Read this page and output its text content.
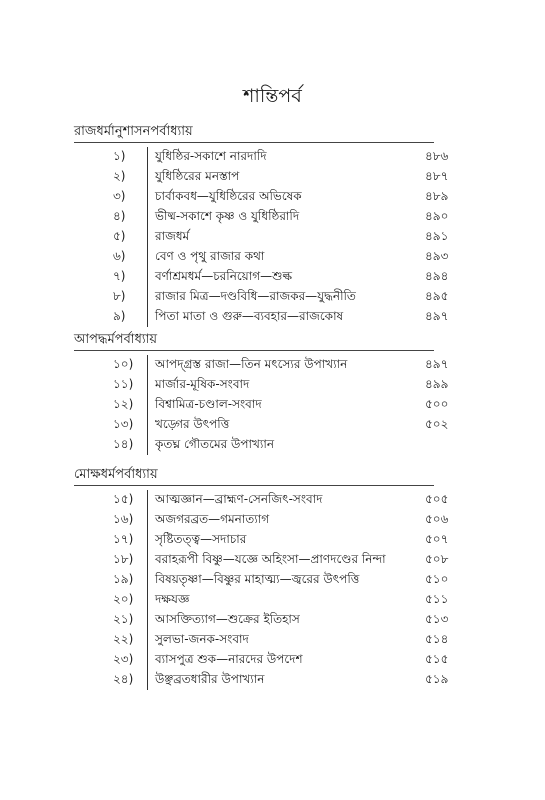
শান্তিপর্ব
রাজধর্মানুশাসনপর্বাধ্যায়
১) যুধিষ্ঠির-সকাশে নারদাদি	৪৮৬
২) যুধিষ্ঠিরের মনস্তাপ	৪৮৭
৩) চার্বাকবধ—যুধিষ্ঠিরের অভিষেক	৪৮৯
৪) ভীষ্ম-সকাশে কৃষ্ণ ও যুধিষ্ঠিরাদি	৪৯০
৫) রাজধর্ম	৪৯১
৬) বেণ ও পৃথু রাজার কথা	৪৯৩
৭) বর্ণাশ্রমধর্ম—চরনিয়োগ—শুল্ক	৪৯৪
৮) রাজার মিত্র—দণ্ডবিধি—রাজকর—যুদ্ধনীতি	৪৯৫
৯) পিতা মাতা ও গুরু—ব্যবহার—রাজকোষ	৪৯৭
আপদ্ধর্মপর্বাধ্যায়
১০) আপদ্গ্রস্ত রাজা—তিন মৎস্যের উপাখ্যান	৪৯৭
১১) মার্জার-মূষিক-সংবাদ	৪৯৯
১২) বিশ্বামিত্র-চণ্ডাল-সংবাদ	৫০০
১৩) খড়্গের উৎপত্তি	৫০২
১৪) কৃতঘ্ন গৌতমের উপাখ্যান
মোক্ষধর্মপর্বাধ্যায়
১৫) আত্মজ্ঞান—ব্রাহ্মণ-সেনজিৎ-সংবাদ	৫০৫
১৬) অজগরব্রত—গমনাত্যাগ	৫০৬
১৭) সৃষ্টিতত্ত্ব—সদাচার	৫০৭
১৮) বরাহরূপী বিষ্ণু—যজ্ঞে অহিংসা—প্রাণদণ্ডের নিন্দা	৫০৮
১৯) বিষয়তৃষ্ণা—বিষ্ণুর মাহাত্ম্য—জ্বরের উৎপত্তি	৫১০
২০) দক্ষযজ্ঞ	৫১১
২১) আসক্তিত্যাগ—শুক্রের ইতিহাস	৫১৩
২২) সুলভা-জনক-সংবাদ	৫১৪
২৩) ব্যাসপুত্র শুক—নারদের উপদেশ	৫১৫
২৪) উঞ্ছব্রতধারীর উপাখ্যান	৫১৯
